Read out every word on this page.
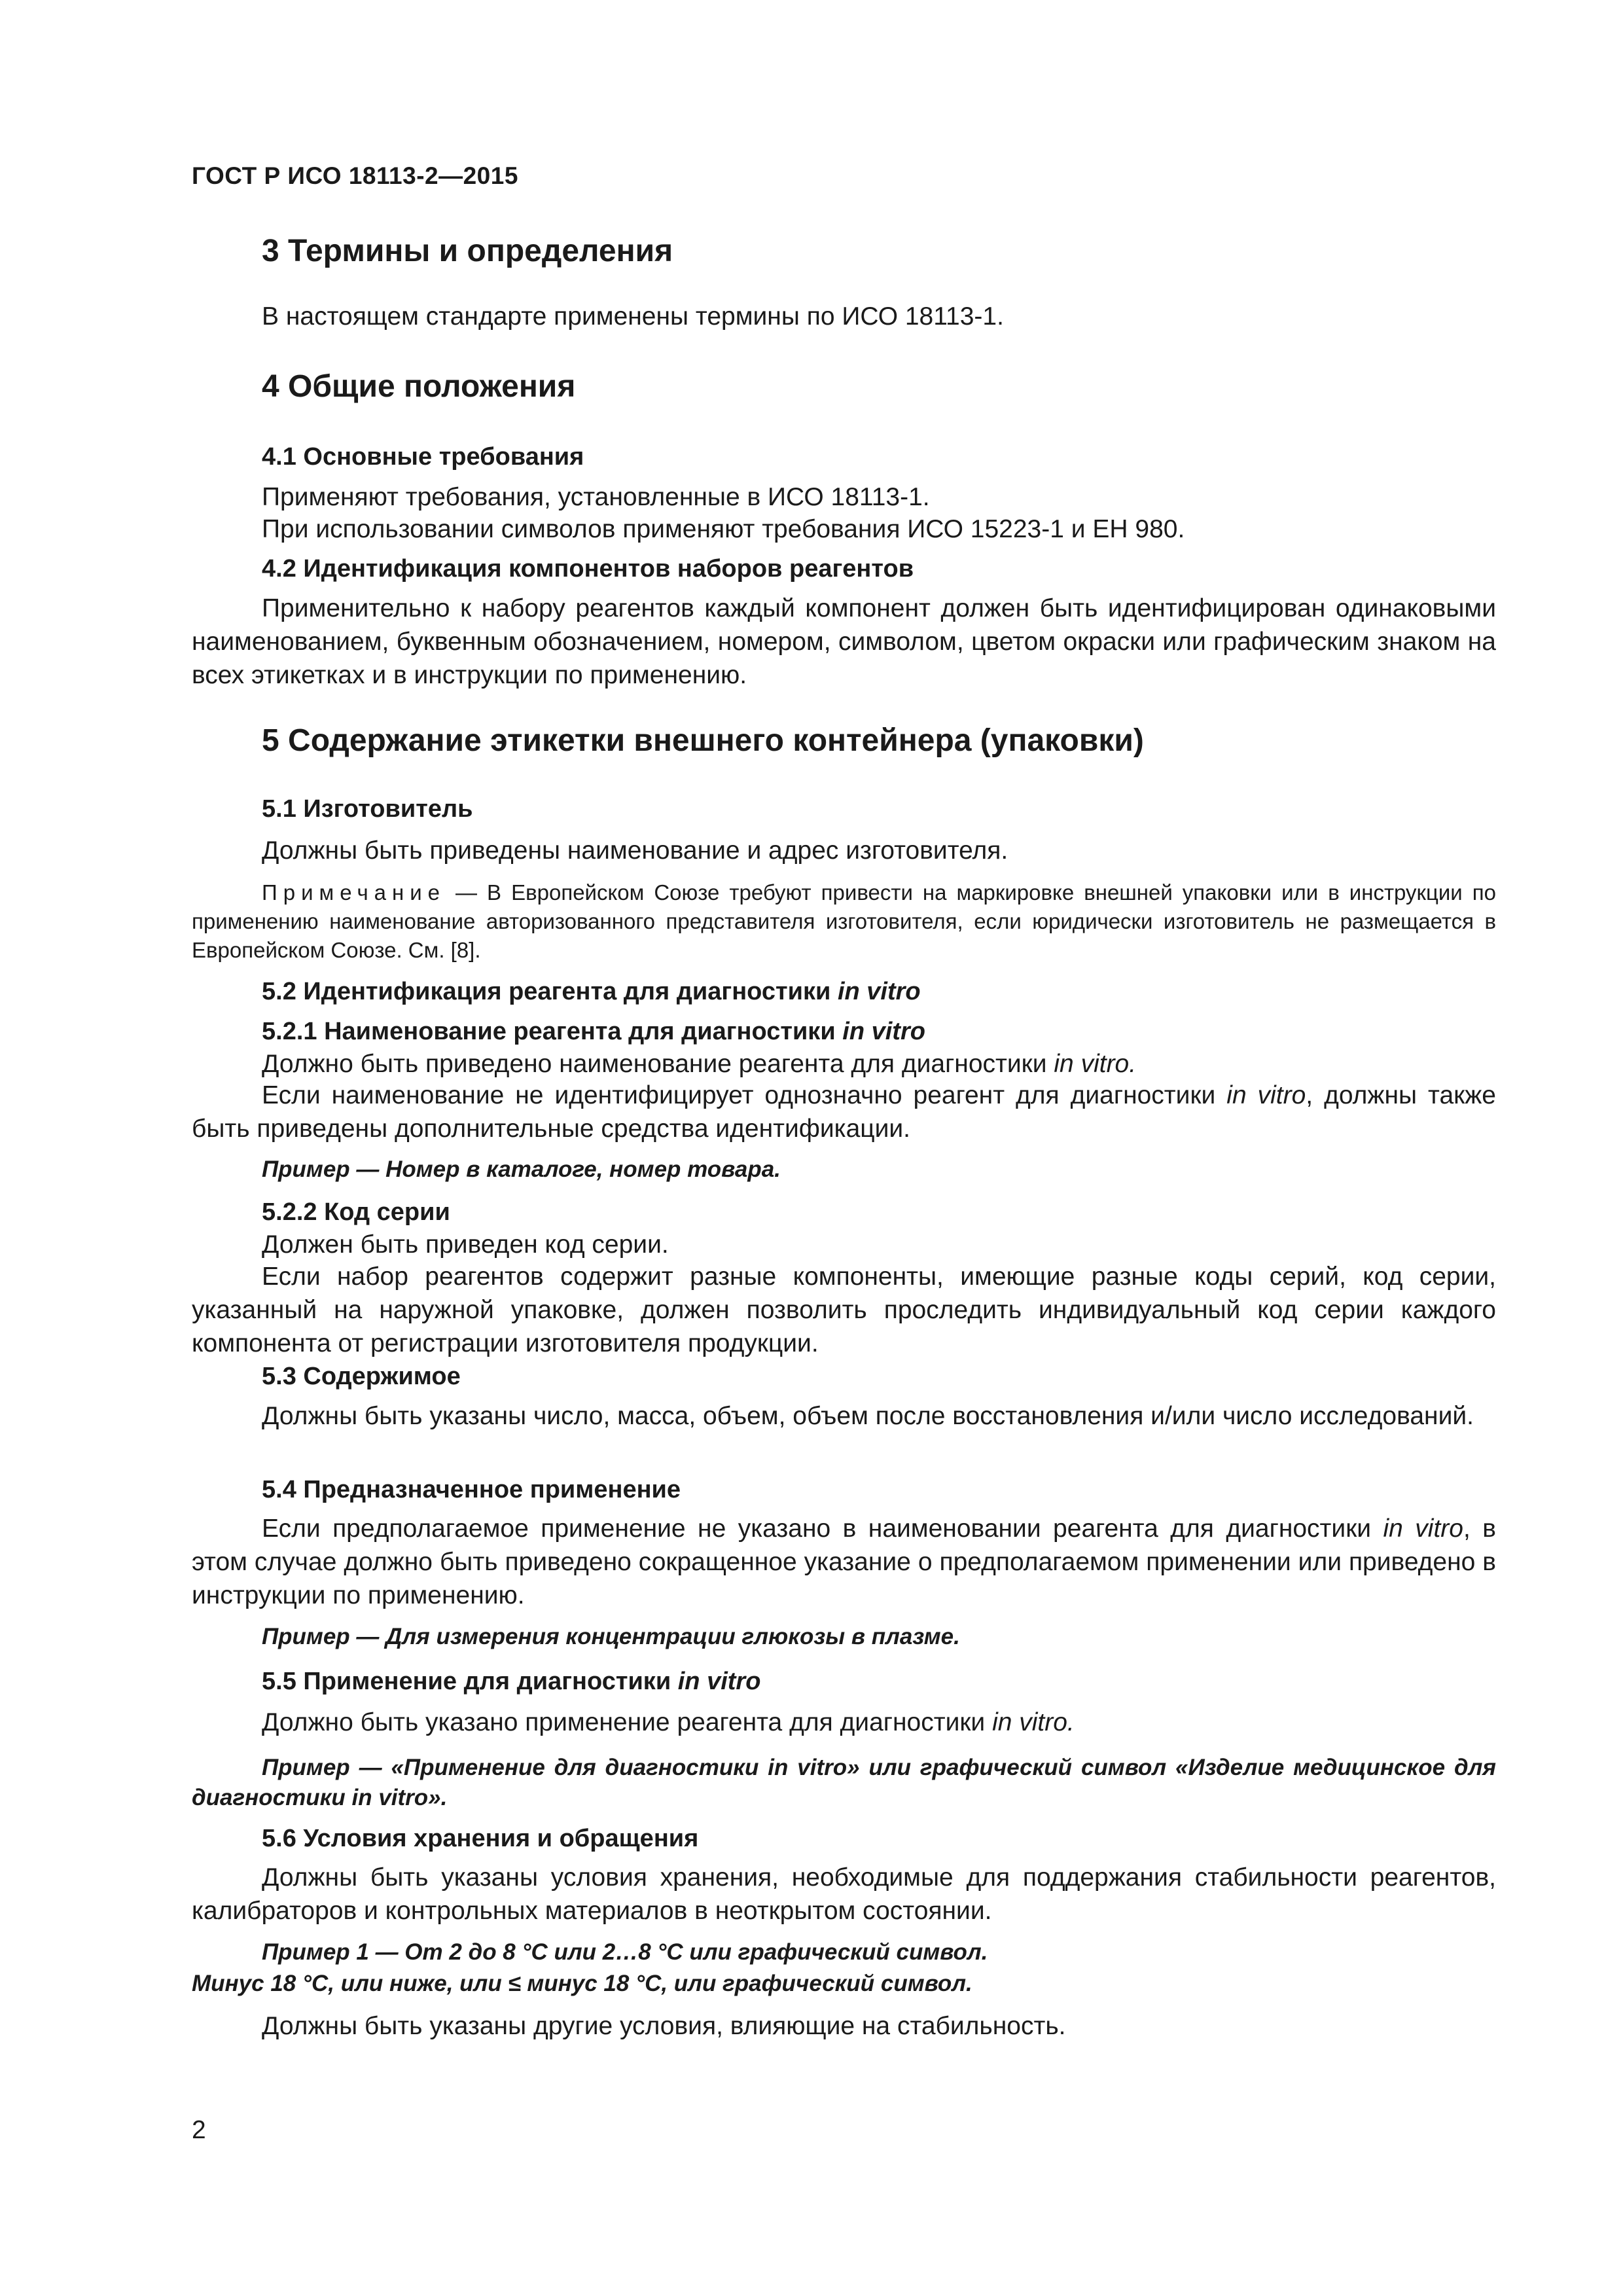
ГОСТ Р ИСО 18113-2—2015
3 Термины и определения
В настоящем стандарте применены термины по ИСО 18113-1.
4 Общие положения
4.1 Основные требования
Применяют требования, установленные в ИСО 18113-1.
При использовании символов применяют требования ИСО 15223-1 и ЕН 980.
4.2 Идентификация компонентов наборов реагентов
Применительно к набору реагентов каждый компонент должен быть идентифицирован одинаковыми наименованием, буквенным обозначением, номером, символом, цветом окраски или графическим знаком на всех этикетках и в инструкции по применению.
5 Содержание этикетки внешнего контейнера (упаковки)
5.1 Изготовитель
Должны быть приведены наименование и адрес изготовителя.
Примечание — В Европейском Союзе требуют привести на маркировке внешней упаковки или в инструкции по применению наименование авторизованного представителя изготовителя, если юридически изготовитель не размещается в Европейском Союзе. См. [8].
5.2 Идентификация реагента для диагностики in vitro
5.2.1 Наименование реагента для диагностики in vitro
Должно быть приведено наименование реагента для диагностики in vitro.
Если наименование не идентифицирует однозначно реагент для диагностики in vitro, должны также быть приведены дополнительные средства идентификации.
Пример — Номер в каталоге, номер товара.
5.2.2 Код серии
Должен быть приведен код серии.
Если набор реагентов содержит разные компоненты, имеющие разные коды серий, код серии, указанный на наружной упаковке, должен позволить проследить индивидуальный код серии каждого компонента от регистрации изготовителя продукции.
5.3 Содержимое
Должны быть указаны число, масса, объем, объем после восстановления и/или число исследований.
5.4 Предназначенное применение
Если предполагаемое применение не указано в наименовании реагента для диагностики in vitro, в этом случае должно быть приведено сокращенное указание о предполагаемом применении или приведено в инструкции по применению.
Пример — Для измерения концентрации глюкозы в плазме.
5.5 Применение для диагностики in vitro
Должно быть указано применение реагента для диагностики in vitro.
Пример — «Применение для диагностики in vitro» или графический символ «Изделие медицинское для диагностики in vitro».
5.6 Условия хранения и обращения
Должны быть указаны условия хранения, необходимые для поддержания стабильности реагентов, калибраторов и контрольных материалов в неоткрытом состоянии.
Пример 1 — От 2 до 8 °С или 2…8 °С или графический символ.
Минус 18 °С, или ниже, или ≤ минус 18 °С, или графический символ.
Должны быть указаны другие условия, влияющие на стабильность.
2
